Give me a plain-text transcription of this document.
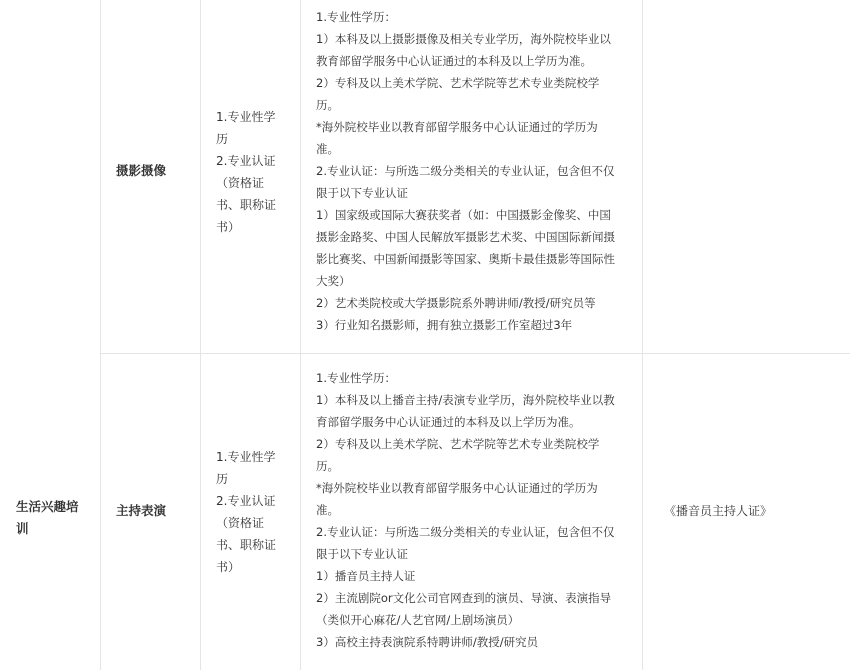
生活兴趣培训
摄影摄像
1.专业性学
历
2.专业认证
（资格证
书、职称证
书）
1.专业性学历：
1）本科及以上摄影摄像及相关专业学历，海外院校毕业以
教育部留学服务中心认证通过的本科及以上学历为准。
2）专科及以上美术学院、艺术学院等艺术专业类院校学
历。
*海外院校毕业以教育部留学服务中心认证通过的学历为
准。
2.专业认证：与所选二级分类相关的专业认证，包含但不仅
限于以下专业认证
1）国家级或国际大赛获奖者（如：中国摄影金像奖、中国
摄影金路奖、中国人民解放军摄影艺术奖、中国国际新闻摄
影比赛奖、中国新闻摄影等国家、奥斯卡最佳摄影等国际性
大奖）
2）艺术类院校或大学摄影院系外聘讲师/教授/研究员等
3）行业知名摄影师，拥有独立摄影工作室超过3年
主持表演
1.专业性学
历
2.专业认证
（资格证
书、职称证
书）
1.专业性学历：
1）本科及以上播音主持/表演专业学历，海外院校毕业以教
育部留学服务中心认证通过的本科及以上学历为准。
2）专科及以上美术学院、艺术学院等艺术专业类院校学
历。
*海外院校毕业以教育部留学服务中心认证通过的学历为
准。
2.专业认证：与所选二级分类相关的专业认证，包含但不仅
限于以下专业认证
1）播音员主持人证
2）主流剧院or文化公司官网查到的演员、导演、表演指导
（类似开心麻花/人艺官网/上剧场演员）
3）高校主持表演院系特聘讲师/教授/研究员
《播音员主持人证》
